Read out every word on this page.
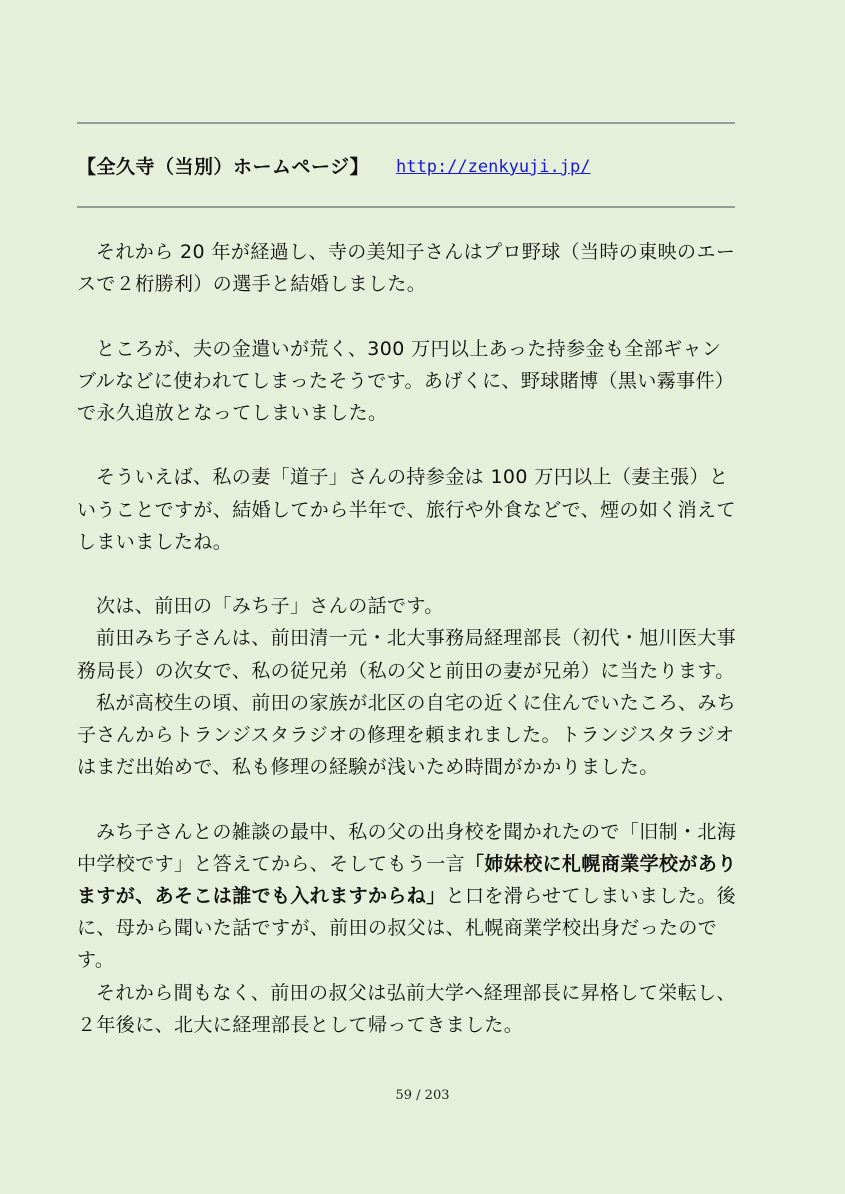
【全久寺（当別）ホームページ】 http://zenkyuji.jp/

それから 20 年が経過し、寺の美知子さんはプロ野球（当時の東映のエースで２桁勝利）の選手と結婚しました。

ところが、夫の金遣いが荒く、300 万円以上あった持参金も全部ギャンブルなどに使われてしまったそうです。あげくに、野球賭博（黒い霧事件）で永久追放となってしまいました。

そういえば、私の妻「道子」さんの持参金は 100 万円以上（妻主張）ということですが、結婚してから半年で、旅行や外食などで、煙の如く消えてしまいましたね。

次は、前田の「みち子」さんの話です。

前田みち子さんは、前田清一元・北大事務局経理部長（初代・旭川医大事務局長）の次女で、私の従兄弟（私の父と前田の妻が兄弟）に当たります。

私が高校生の頃、前田の家族が北区の自宅の近くに住んでいたころ、みち子さんからトランジスタラジオの修理を頼まれました。トランジスタラジオはまだ出始めで、私も修理の経験が浅いため時間がかかりました。

みち子さんとの雑談の最中、私の父の出身校を聞かれたので「旧制・北海中学校です」と答えてから、そしてもう一言「姉妹校に札幌商業学校がありますが、あそこは誰でも入れますからね」と口を滑らせてしまいました。後に、母から聞いた話ですが、前田の叔父は、札幌商業学校出身だったのです。

それから間もなく、前田の叔父は弘前大学へ経理部長に昇格して栄転し、２年後に、北大に経理部長として帰ってきました。

59 / 203
